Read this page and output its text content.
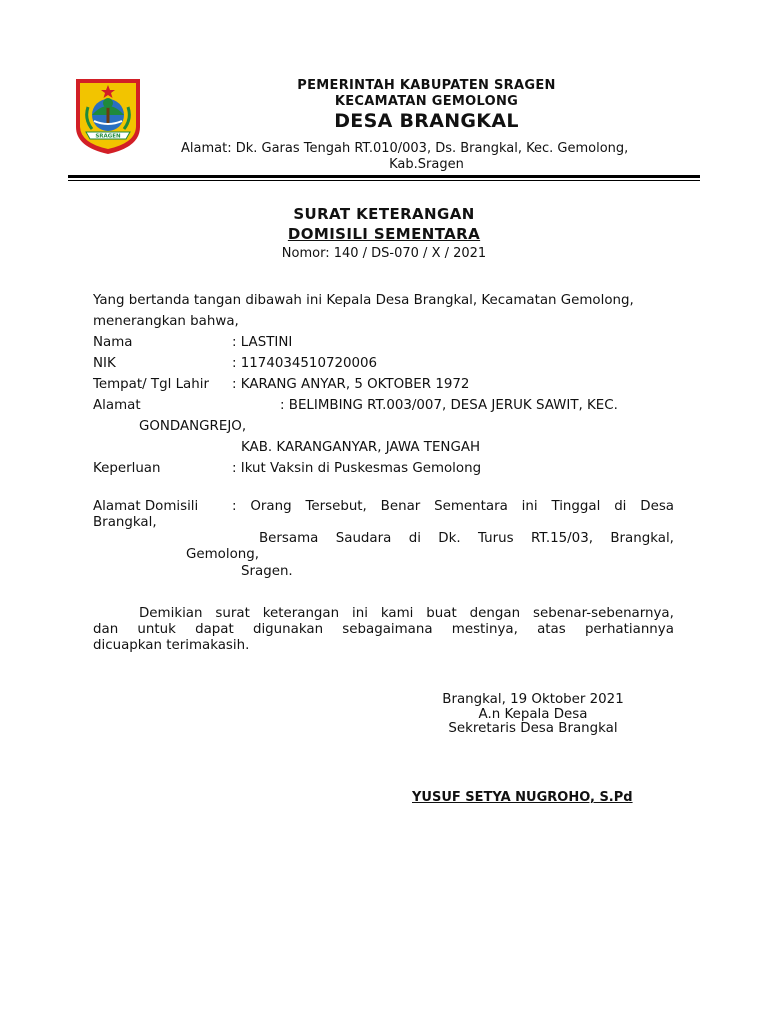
SRAGEN
PEMERINTAH KABUPATEN SRAGEN
KECAMATAN GEMOLONG
DESA BRANGKAL
Alamat: Dk. Garas Tengah RT.010/003, Ds. Brangkal, Kec. Gemolong,
Kab.Sragen
SURAT KETERANGAN
DOMISILI SEMENTARA
Nomor: 140 / DS-070 / X / 2021
Yang bertanda tangan dibawah ini Kepala Desa Brangkal, Kecamatan Gemolong,
menerangkan bahwa,
Nama	: LASTINI
NIK	: 1174034510720006
Tempat/ Tgl Lahir : KARANG ANYAR, 5 OKTOBER 1972
Alamat	: BELIMBING RT.003/007, DESA JERUK SAWIT, KEC.
GONDANGREJO,
KAB. KARANGANYAR, JAWA TENGAH
Keperluan	: Ikut Vaksin di Puskesmas Gemolong
Alamat Domisili	: Orang Tersebut, Benar Sementara ini Tinggal di Desa
Brangkal,
Bersama Saudara di Dk. Turus RT.15/03, Brangkal,
Gemolong,
Sragen.
Demikian surat keterangan ini kami buat dengan sebenar-sebenarnya,
dan untuk dapat digunakan sebagaimana mestinya, atas perhatiannya
dicuapkan terimakasih.
Brangkal, 19 Oktober 2021
A.n Kepala Desa
Sekretaris Desa Brangkal
YUSUF SETYA NUGROHO, S.Pd
